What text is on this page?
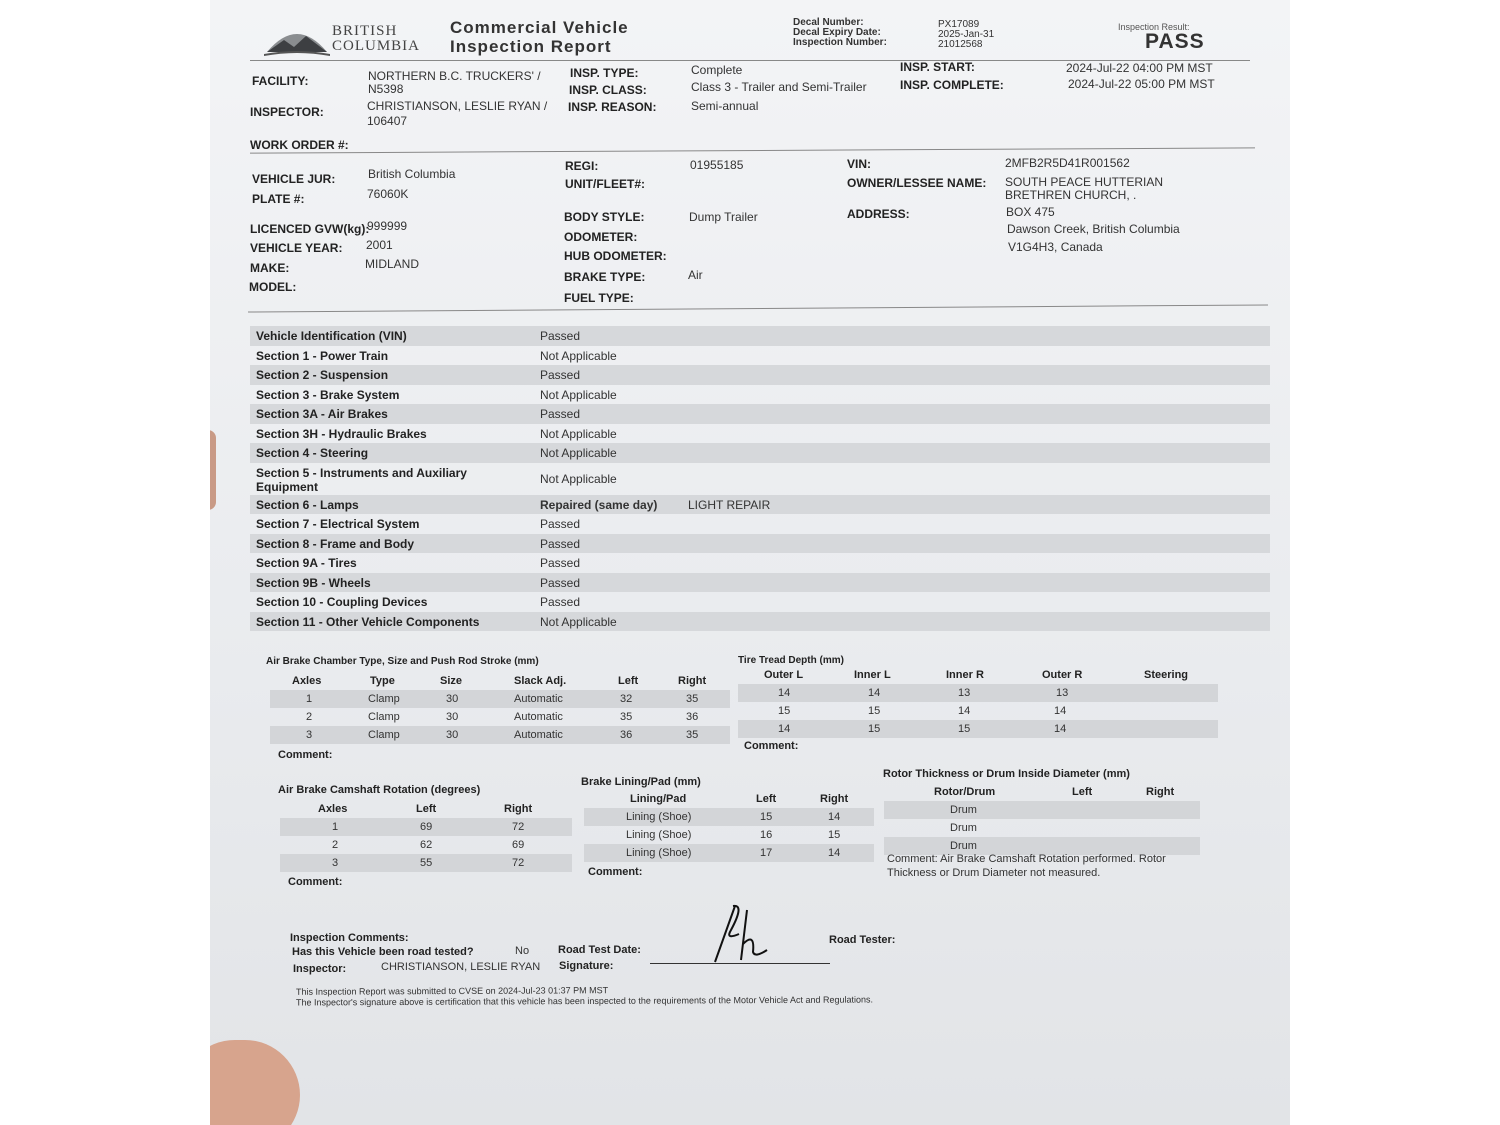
BRITISH
COLUMBIA
Commercial Vehicle
Inspection Report
Decal Number:
Decal Expiry Date:
Inspection Number:
PX17089
2025-Jan-31
21012568
Inspection Result:
PASS
FACILITY:	NORTHERN B.C. TRUCKERS' /
N5398
INSPECTOR:	CHRISTIANSON, LESLIE RYAN /
106407
WORK ORDER #:
INSP. TYPE:	Complete
INSP. CLASS:	Class 3 - Trailer and Semi-Trailer
INSP. REASON:	Semi-annual
INSP. START:	2024-Jul-22 04:00 PM MST
INSP. COMPLETE:	2024-Jul-22 05:00 PM MST
VEHICLE JUR:	British Columbia
PLATE #:	76060K
LICENCED GVW(kg):
999999
VEHICLE YEAR: 2001
MAKE:	MIDLAND
MODEL:
REGI:	01955185
UNIT/FLEET#:
BODY STYLE:	Dump Trailer
ODOMETER:
HUB ODOMETER:
BRAKE TYPE:	Air
FUEL TYPE:
VIN:	2MFB2R5D41R001562
OWNER/LESSEE NAME: SOUTH PEACE HUTTERIAN
BRETHREN CHURCH, .
ADDRESS:	BOX 475
Dawson Creek, British Columbia
V1G4H3, Canada
Vehicle Identification (VIN)	Passed
Section 1 - Power Train	Not Applicable
Section 2 - Suspension	Passed
Section 3 - Brake System	Not Applicable
Section 3A - Air Brakes	Passed
Section 3H - Hydraulic Brakes	Not Applicable
Section 4 - Steering	Not Applicable
Section 5 - Instruments and Auxiliary Equipment
Not Applicable
Section 6 - Lamps	Repaired (same day)	LIGHT REPAIR
Section 7 - Electrical System	Passed
Section 8 - Frame and Body	Passed
Section 9A - Tires	Passed
Section 9B - Wheels	Passed
Section 10 - Coupling Devices	Passed
Section 11 - Other Vehicle Components	Not Applicable
Air Brake Chamber Type, Size and Push Rod Stroke (mm)
Axles	Type	Size	Slack Adj.	Left	Right
1	Clamp	30	Automatic	32	35
2	Clamp	30	Automatic	35	36
3	Clamp	30	Automatic	36	35
Comment:
Tire Tread Depth (mm)
Outer L	Inner L	Inner R	Outer R	Steering
14	14	13	13
15	15	14	14
14	15	15	14
Comment:
Air Brake Camshaft Rotation (degrees)
Axles	Left	Right
1	69	72
2	62	69
3	55	72
Comment:
Brake Lining/Pad (mm)
Lining/Pad	Left	Right
Lining (Shoe)	15	14
Lining (Shoe)	16	15
Lining (Shoe)	17	14
Comment:
Rotor Thickness or Drum Inside Diameter (mm)
Rotor/Drum	Left	Right
Drum
Drum
Drum
Comment: Air Brake Camshaft Rotation performed. Rotor
Thickness or Drum Diameter not measured.
Inspection Comments:
Has this Vehicle been road tested?	No	Road Test Date:
Road Tester:
Inspector:	CHRISTIANSON, LESLIE RYAN Signature:
This Inspection Report was submitted to CVSE on 2024-Jul-23 01:37 PM MST
The Inspector's signature above is certification that this vehicle has been inspected to the requirements of the Motor Vehicle Act and Regulations.
